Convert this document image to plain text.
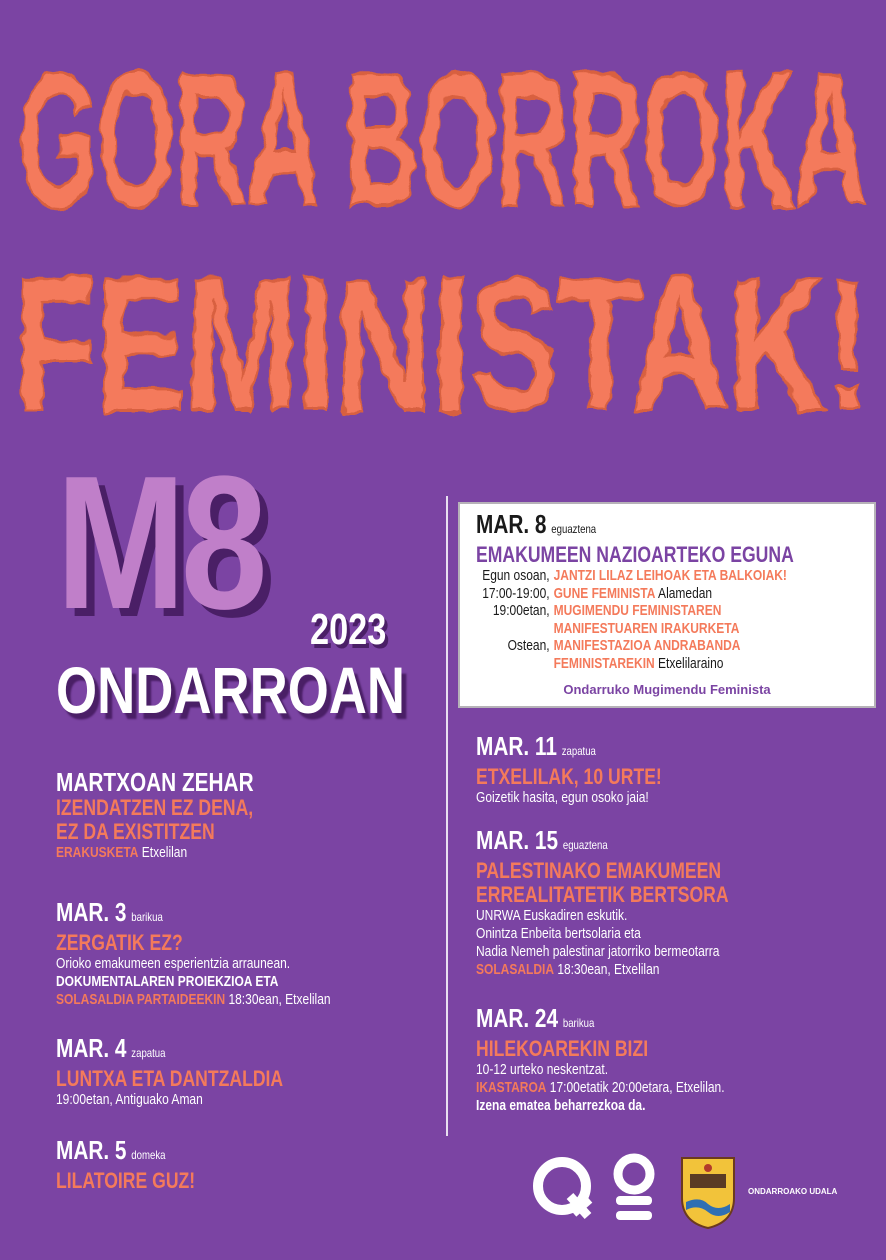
GORA BORROKA
FEMINISTAK!
M8 2023
ONDARROAN
MAR. 8 eguaztena
EMAKUMEEN NAZIOARTEKO EGUNA
Egun osoan, JANTZI LILAZ LEIHOAK ETA BALKOIAK!
17:00-19:00, GUNE FEMINISTA Alamedan
19:00etan, MUGIMENDU FEMINISTAREN
MANIFESTUAREN IRAKURKETA
Ostean, MANIFESTAZIOA ANDRABANDA
FEMINISTAREKIN Etxelilaraino
Ondarruko Mugimendu Feminista
MARTXOAN ZEHAR
IZENDATZEN EZ DENA,
EZ DA EXISTITZEN
ERAKUSKETA Etxelilan
MAR. 3 barikua
ZERGATIK EZ?
Orioko emakumeen esperientzia arraunean.
DOKUMENTALAREN PROIEKZIOA ETA
SOLASALDIA PARTAIDEEKIN 18:30ean, Etxelilan
MAR. 4 zapatua
LUNTXA ETA DANTZALDIA
19:00etan, Antiguako Aman
MAR. 5 domeka
LILATOIRE GUZ!
MAR. 11 zapatua
ETXELILAK, 10 URTE!
Goizetik hasita, egun osoko jaia!
MAR. 15 eguaztena
PALESTINAKO EMAKUMEEN
ERREALITATETIK BERTSORA
UNRWA Euskadiren eskutik.
Onintza Enbeita bertsolaria eta
Nadia Nemeh palestinar jatorriko bermeotarra
SOLASALDIA 18:30ean, Etxelilan
MAR. 24 barikua
HILEKOAREKIN BIZI
10-12 urteko neskentzat.
IKASTAROA 17:00etatik 20:00etara, Etxelilan.
Izena ematea beharrezkoa da.
ONDARROAKO UDALA
